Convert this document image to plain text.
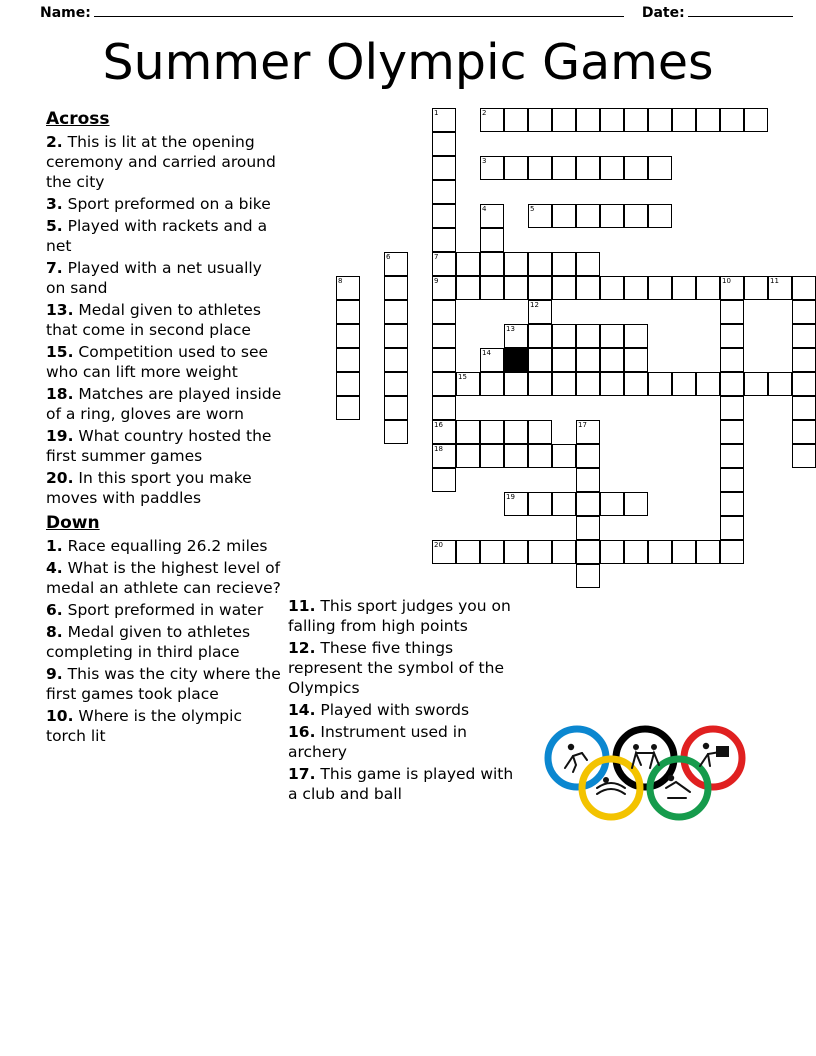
Name:	Date:
Summer Olympic Games
Across

2. This is lit at the opening ceremony and carried around the city

3. Sport preformed on a bike

5. Played with rackets and a net

7. Played with a net usually on sand

13. Medal given to athletes that come in second place

15. Competition used to see who can lift more weight

18. Matches are played inside of a ring, gloves are worn

19. What country hosted the first summer games

20. In this sport you make moves with paddles

Down

1. Race equalling 26.2 miles

4. What is the highest level of medal an athlete can recieve?

6. Sport preformed in water

8. Medal given to athletes completing in third place

9. This was the city where the first games took place

10. Where is the olympic torch lit

11. This sport judges you on falling from high points

12. These five things represent the symbol of the Olympics

14. Played with swords

16. Instrument used in archery

17. This game is played with a club and ball

1	2
3
4	5
6	7
8	9	10	11
12
13
14
15
16	17
18
19
20
